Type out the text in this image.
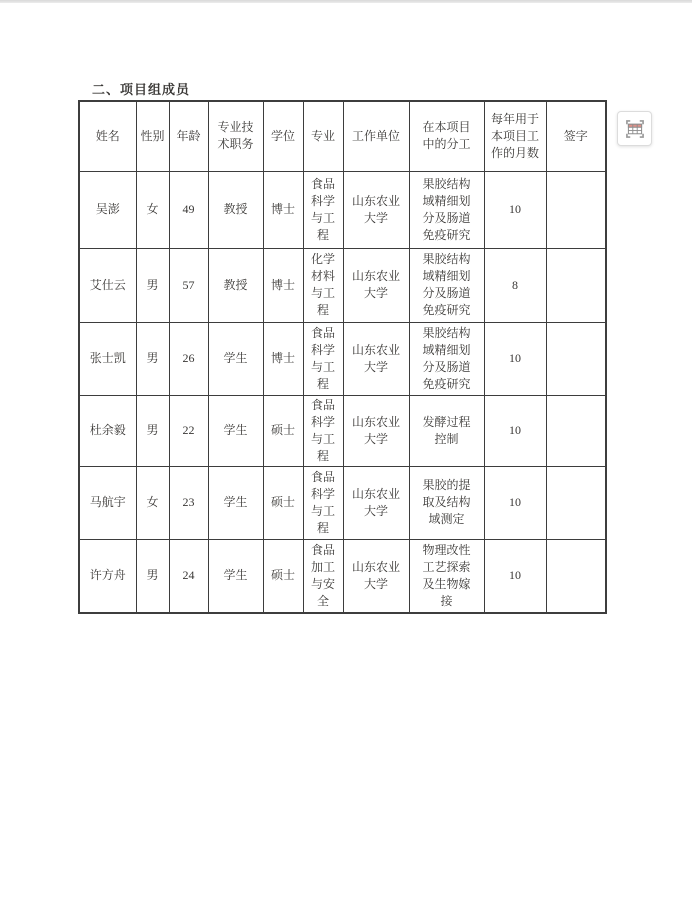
二、项目组成员
姓名	性别	年龄	专业技术职务	学位	专业	工作单位	在本项目中的分工	每年用于本项目工作的月数	签字
吴澎	女	49	教授	博士	食品科学与工程	山东农业大学	果胶结构域精细划分及肠道免疫研究	10	
艾仕云	男	57	教授	博士	化学材料与工程	山东农业大学	果胶结构域精细划分及肠道免疫研究	8	
张士凯	男	26	学生	博士	食品科学与工程	山东农业大学	果胶结构域精细划分及肠道免疫研究	10	
杜余毅	男	22	学生	硕士	食品科学与工程	山东农业大学	发酵过程控制	10	
马航宇	女	23	学生	硕士	食品科学与工程	山东农业大学	果胶的提取及结构域测定	10	
许方舟	男	24	学生	硕士	食品加工与安全	山东农业大学	物理改性工艺探索及生物嫁接	10	
